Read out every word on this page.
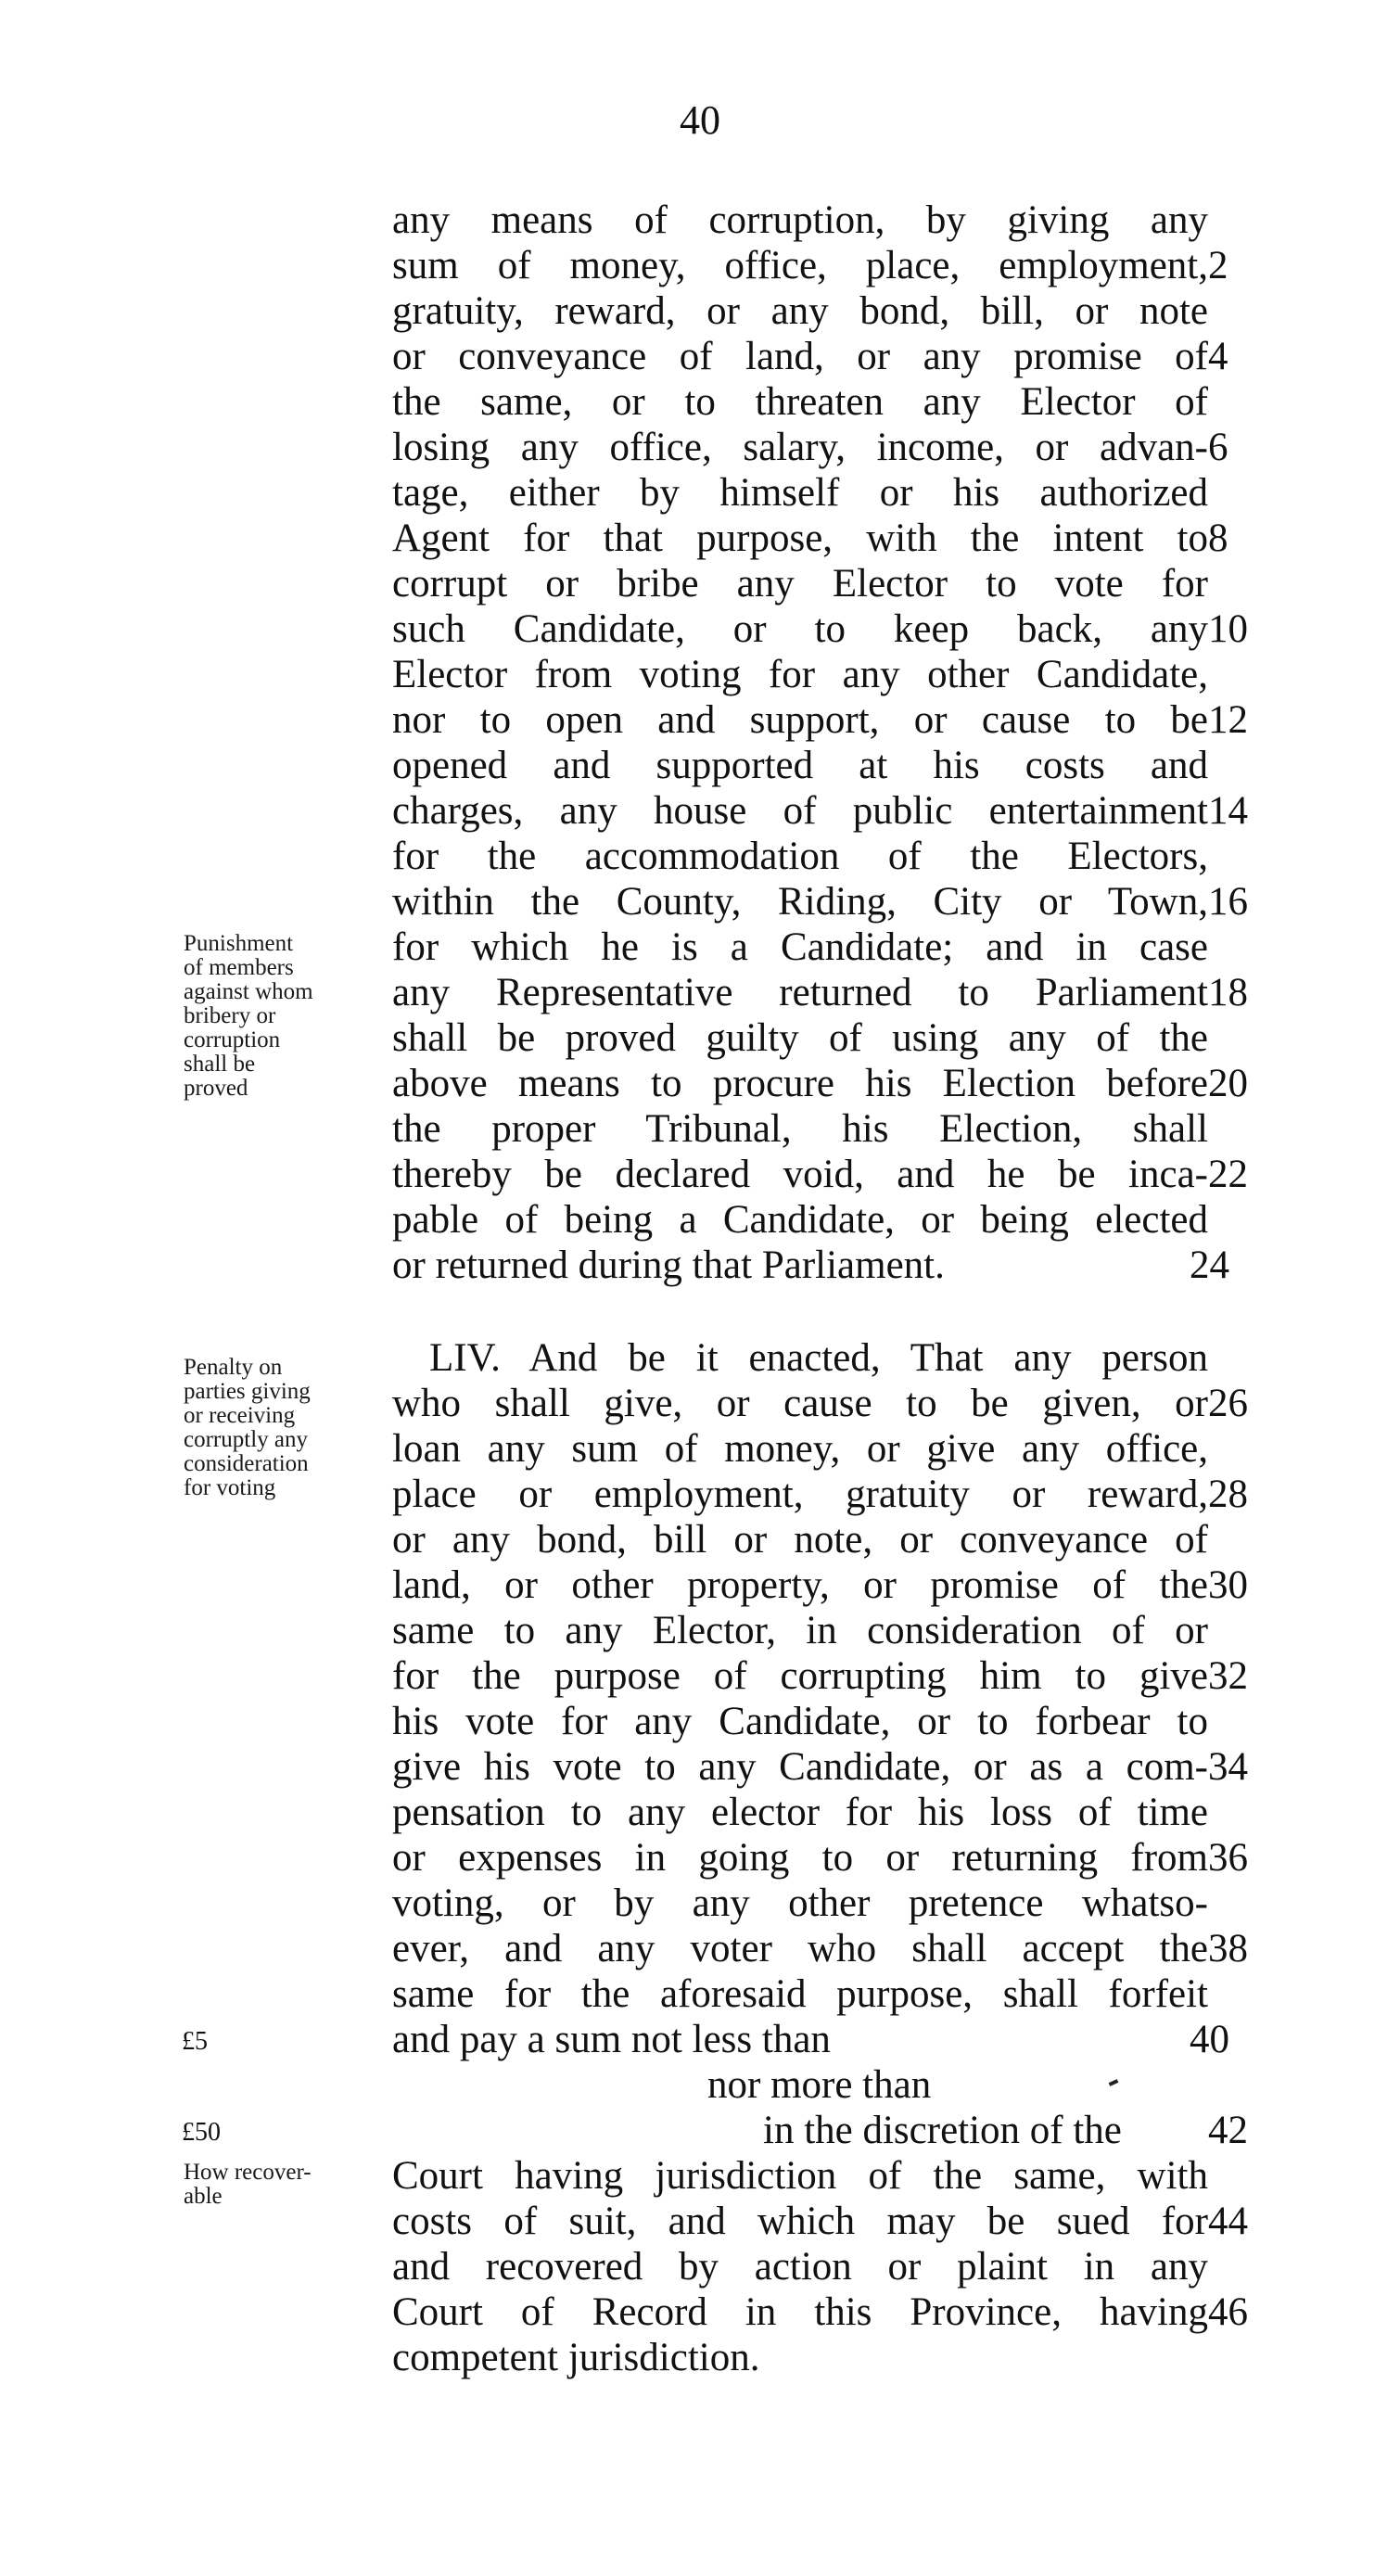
40
any means of corruption, by giving any
sum of money, office, place, employment,
gratuity, reward, or any bond, bill, or note
or conveyance of land, or any promise of
the same, or to threaten any Elector of
losing any office, salary, income, or advan-
tage, either by himself or his authorized
Agent for that purpose, with the intent to
corrupt or bribe any Elector to vote for
such Candidate, or to keep back, any
Elector from voting for any other Candidate,
nor to open and support, or cause to be
opened and supported at his costs and
charges, any house of public entertainment
for the accommodation of the Electors,
within the County, Riding, City or Town,
for which he is a Candidate; and in case
any Representative returned to Parliament
shall be proved guilty of using any of the
above means to procure his Election before
the proper Tribunal, his Election, shall
thereby be declared void, and he be inca-
pable of being a Candidate, or being elected
or returned during that Parliament.
LIV. And be it enacted, That any person
who shall give, or cause to be given, or
loan any sum of money, or give any office,
place or employment, gratuity or reward,
or any bond, bill or note, or conveyance of
land, or other property, or promise of the
same to any Elector, in consideration of or
for the purpose of corrupting him to give
his vote for any Candidate, or to forbear to
give his vote to any Candidate, or as a com-
pensation to any elector for his loss of time
or expenses in going to or returning from
voting, or by any other pretence whatso-
ever, and any voter who shall accept the
same for the aforesaid purpose, shall forfeit
and pay a sum not less than
nor more than
in the discretion of the
Court having jurisdiction of the same, with
costs of suit, and which may be sued for
and recovered by action or plaint in any
Court of Record in this Province, having
competent jurisdiction.
2
4
6
8
10
12
14
16
18
20
22
24
26
28
30
32
34
36
38
40
42
44
46
Punishment
of members
against whom
bribery or
corruption
shall be
proved
Penalty on
parties giving
or receiving
corruptly any
consideration
for voting
£5
£50
How recover-
able
